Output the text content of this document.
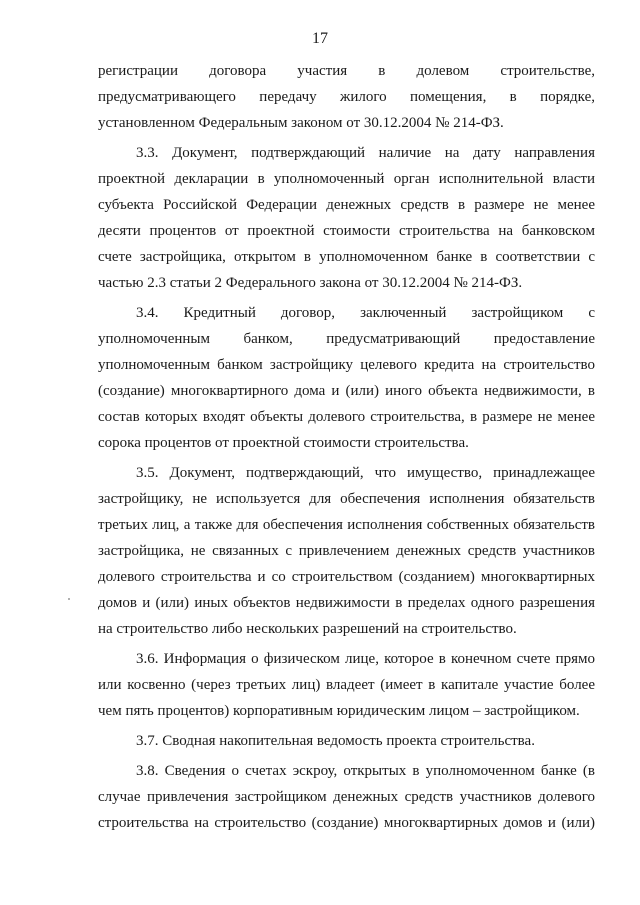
17
регистрации договора участия в долевом строительстве,
предусматривающего передачу жилого помещения, в порядке,
установленном Федеральным законом от 30.12.2004 № 214-ФЗ.
3.3. Документ, подтверждающий наличие на дату направления
проектной декларации в уполномоченный орган исполнительной власти
субъекта Российской Федерации денежных средств в размере не менее
десяти процентов от проектной стоимости строительства на банковском
счете застройщика, открытом в уполномоченном банке в соответствии с
частью 2.3 статьи 2 Федерального закона от 30.12.2004 № 214-ФЗ.
3.4. Кредитный договор, заключенный застройщиком с
уполномоченным банком, предусматривающий предоставление
уполномоченным банком застройщику целевого кредита на строительство
(создание) многоквартирного дома и (или) иного объекта недвижимости, в
состав которых входят объекты долевого строительства, в размере не менее
сорока процентов от проектной стоимости строительства.
3.5. Документ, подтверждающий, что имущество, принадлежащее
застройщику, не используется для обеспечения исполнения обязательств
третьих лиц, а также для обеспечения исполнения собственных обязательств
застройщика, не связанных с привлечением денежных средств участников
долевого строительства и со строительством (созданием) многоквартирных
домов и (или) иных объектов недвижимости в пределах одного разрешения
на строительство либо нескольких разрешений на строительство.
3.6. Информация о физическом лице, которое в конечном счете прямо
или косвенно (через третьих лиц) владеет (имеет в капитале участие более
чем пять процентов) корпоративным юридическим лицом – застройщиком.
3.7. Сводная накопительная ведомость проекта строительства.
3.8. Сведения о счетах эскроу, открытых в уполномоченном банке (в
случае привлечения застройщиком денежных средств участников долевого
строительства на строительство (создание) многоквартирных домов и (или)
